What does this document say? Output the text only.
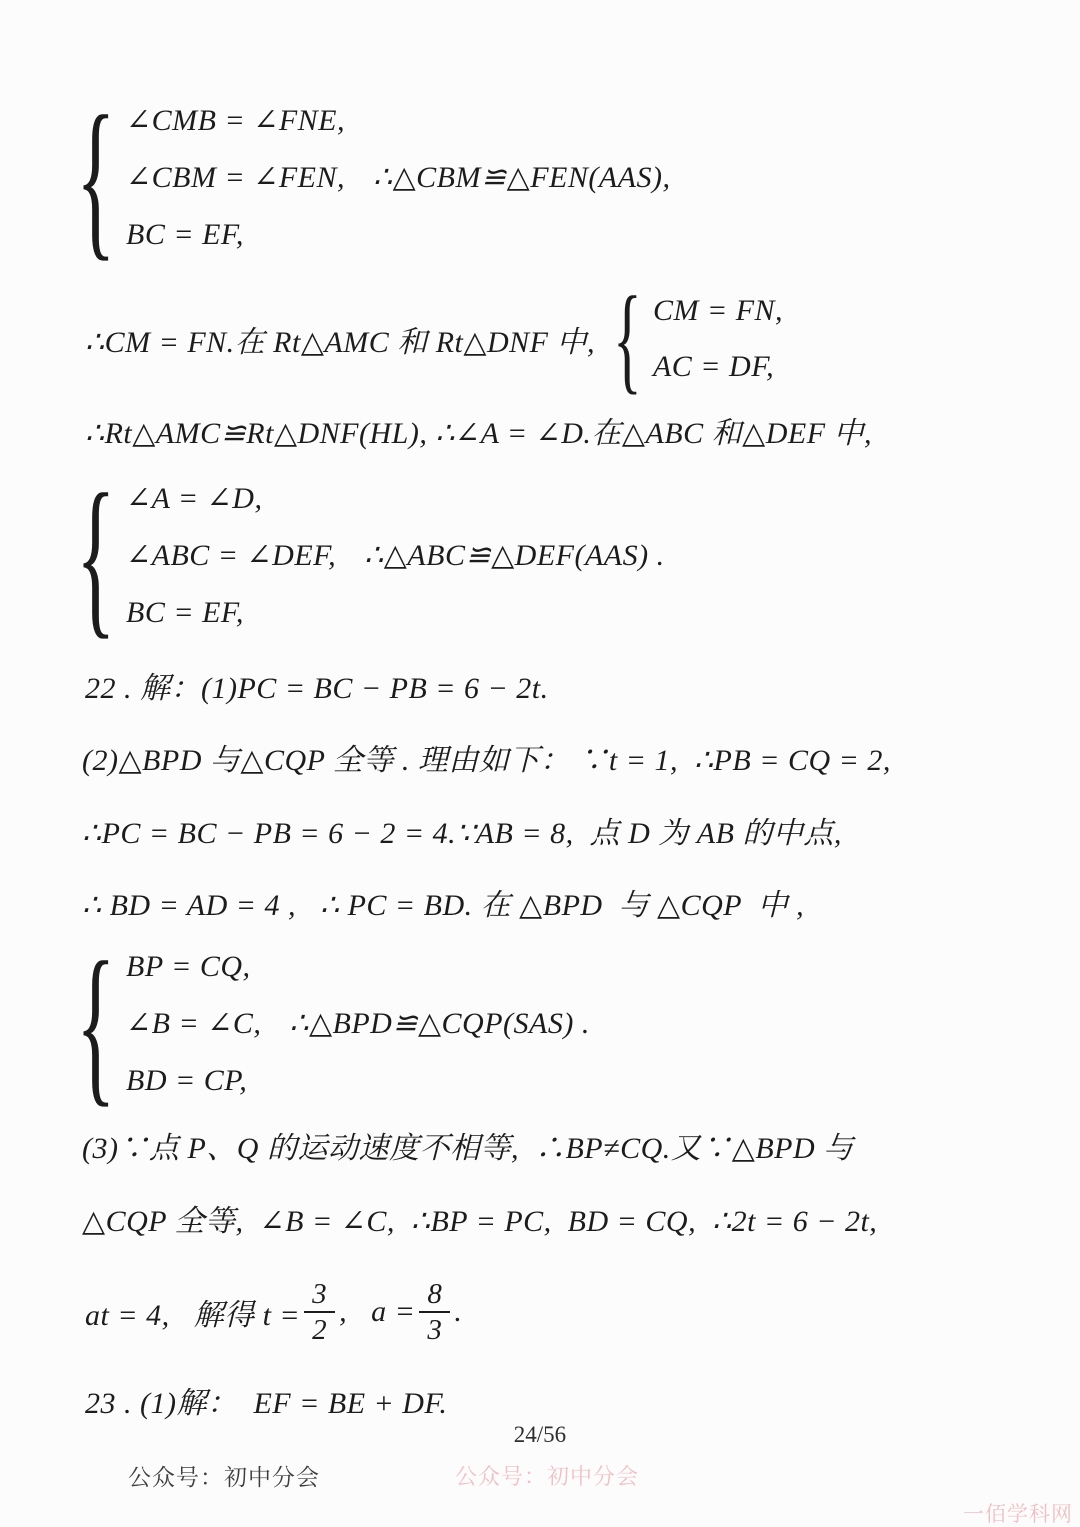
{ ∠CMB = ∠FNE,
∠CBM = ∠FEN, ∴△CBM≌△FEN(AAS),
BC = EF,
∴CM = FN.在 Rt△AMC 和 Rt△DNF 中, { CM = FN,
AC = DF,
∴Rt△AMC≌Rt△DNF(HL), ∴∠A = ∠D.在△ABC 和△DEF 中,
{ ∠A = ∠D,
∠ABC = ∠DEF, ∴△ABC≌△DEF(AAS) .
BC = EF,
22 . 解：(1)PC = BC − PB = 6 − 2t.
(2)△BPD 与△CQP 全等 . 理由如下： ∵t = 1,  ∴PB = CQ = 2,
∴PC = BC − PB = 6 − 2 = 4.∵AB = 8,  点 D 为 AB 的中点,
∴ BD = AD = 4 ,   ∴ PC = BD. 在 △BPD  与 △CQP  中 ,
{ BP = CQ,
∠B = ∠C, ∴△BPD≌△CQP(SAS) .
BD = CP,
(3)∵点 P、Q 的运动速度不相等,  ∴BP≠CQ.又∵△BPD 与
△CQP 全等,  ∠B = ∠C,  ∴BP = PC,  BD = CQ,  ∴2t = 6 − 2t,
at = 4,   解得 $t = \frac{3}{2}$ ,   $a = \frac{8}{3}$ .
23 . (1)解：  EF = BE + DF.
24/56
公众号：初中分会	公众号：初中分会
一佰学科网
